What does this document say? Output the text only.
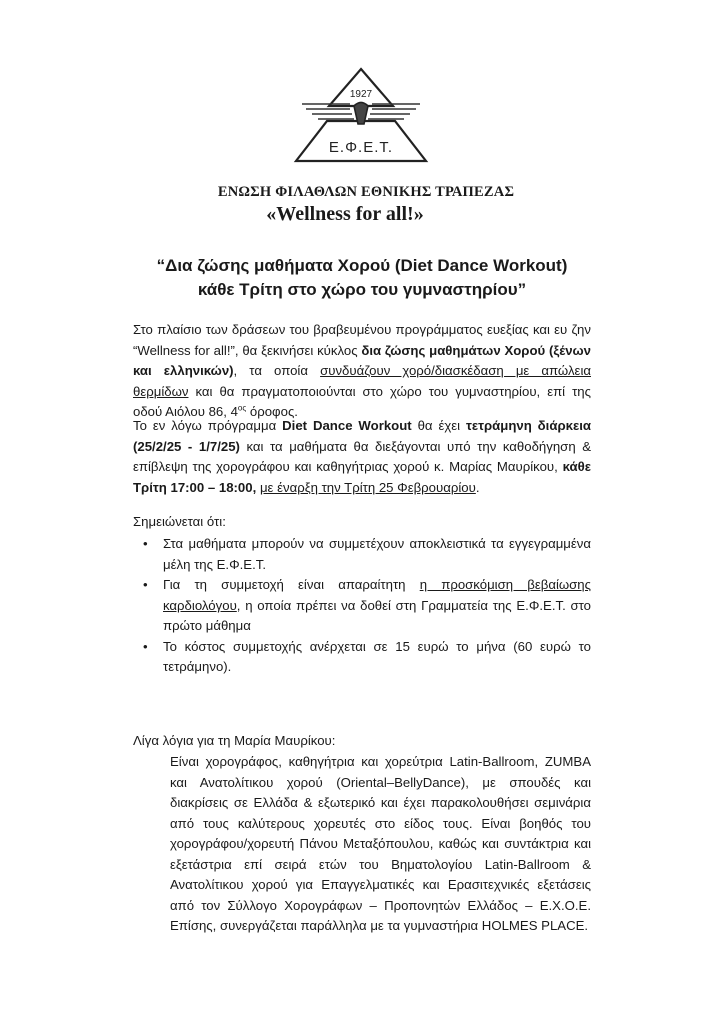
1927
Ε.Φ.Ε.Τ.
ΕΝΩΣΗ ΦΙΛΑΘΛΩΝ ΕΘΝΙΚΗΣ ΤΡΑΠΕΖΑΣ
«Wellness for all!»
“Δια ζώσης μαθήματα Χορού (Diet Dance Workout)
κάθε Τρίτη στο χώρο του γυμναστηρίου”
Στο πλαίσιο των δράσεων του βραβευμένου προγράμματος ευεξίας και ευ ζην “Wellness for all!”, θα ξεκινήσει κύκλος δια ζώσης μαθημάτων Χορού (ξένων και ελληνικών), τα οποία συνδυάζουν χορό/διασκέδαση με απώλεια θερμίδων και θα πραγματοποιούνται στο χώρο του γυμναστηρίου, επί της οδού Αιόλου 86, $4^{o\varsigma}$ όροφος.
Το εν λόγω πρόγραμμα Diet Dance Workout θα έχει τετράμηνη διάρκεια (25/2/25 - 1/7/25) και τα μαθήματα θα διεξάγονται υπό την καθοδήγηση & επίβλεψη της χορογράφου και καθηγήτριας χορού κ. Μαρίας Μαυρίκου, κάθε Τρίτη 17:00 – 18:00, με έναρξη την Τρίτη 25 Φεβρουαρίου.
Σημειώνεται ότι:
• Στα μαθήματα μπορούν να συμμετέχουν αποκλειστικά τα εγγεγραμμένα μέλη της Ε.Φ.Ε.Τ.
• Για τη συμμετοχή είναι απαραίτητη η προσκόμιση βεβαίωσης καρδιολόγου, η οποία πρέπει να δοθεί στη Γραμματεία της Ε.Φ.Ε.Τ. στο πρώτο μάθημα
• Το κόστος συμμετοχής ανέρχεται σε 15 ευρώ το μήνα (60 ευρώ το τετράμηνο).
Λίγα λόγια για τη Μαρία Μαυρίκου:
Είναι χορογράφος, καθηγήτρια και χορεύτρια Latin-Ballroom, ZUMBA και Ανατολίτικου χορού (Oriental–BellyDance), με σπουδές και διακρίσεις σε Ελλάδα & εξωτερικό και έχει παρακολουθήσει σεμινάρια από τους καλύτερους χορευτές στο είδος τους. Είναι βοηθός του χορογράφου/χορευτή Πάνου Μεταξόπουλου, καθώς και συντάκτρια και εξετάστρια επί σειρά ετών του Βηματολογίου Latin-Ballroom & Ανατολίτικου χορού για Επαγγελματικές και Ερασιτεχνικές εξετάσεις από τον Σύλλογο Χορογράφων – Προπονητών Ελλάδος – Ε.Χ.Ο.Ε. Επίσης, συνεργάζεται παράλληλα με τα γυμναστήρια HOLMES PLACE.
